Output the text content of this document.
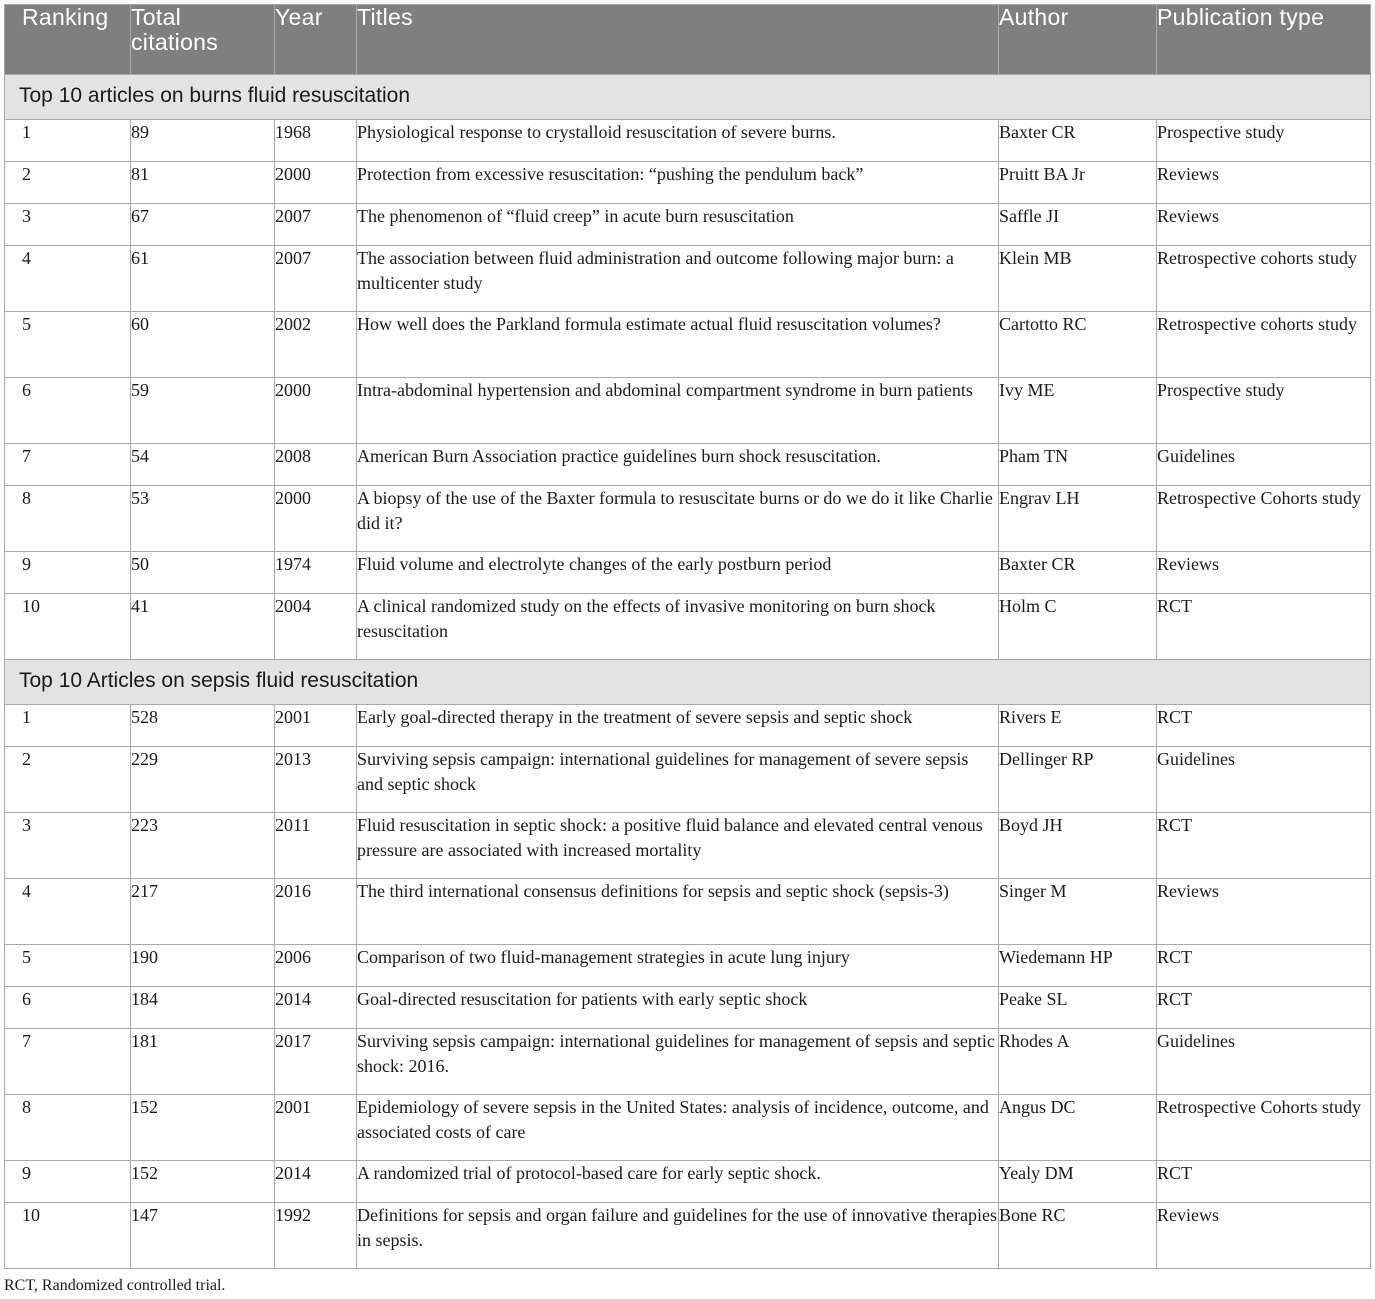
Ranking	Total citations	Year	Titles	Author	Publication type
Top 10 articles on burns fluid resuscitation					
1	89	1968	Physiological response to crystalloid resuscitation of severe burns.	Baxter CR	Prospective study
2	81	2000	Protection from excessive resuscitation: “pushing the pendulum back”	Pruitt BA Jr	Reviews
3	67	2007	The phenomenon of “fluid creep” in acute burn resuscitation	Saffle JI	Reviews
4	61	2007	The association between fluid administration and outcome following major burn: a multicenter study	Klein MB	Retrospective cohorts study
5	60	2002	How well does the Parkland formula estimate actual fluid resuscitation volumes?	Cartotto RC	Retrospective cohorts study
6	59	2000	Intra-abdominal hypertension and abdominal compartment syndrome in burn patients	Ivy ME	Prospective study
7	54	2008	American Burn Association practice guidelines burn shock resuscitation.	Pham TN	Guidelines
8	53	2000	A biopsy of the use of the Baxter formula to resuscitate burns or do we do it like Charlie did it?	Engrav LH	Retrospective Cohorts study
9	50	1974	Fluid volume and electrolyte changes of the early postburn period	Baxter CR	Reviews
10	41	2004	A clinical randomized study on the effects of invasive monitoring on burn shock resuscitation	Holm C	RCT
Top 10 Articles on sepsis fluid resuscitation					
1	528	2001	Early goal-directed therapy in the treatment of severe sepsis and septic shock	Rivers E	RCT
2	229	2013	Surviving sepsis campaign: international guidelines for management of severe sepsis and septic shock	Dellinger RP	Guidelines
3	223	2011	Fluid resuscitation in septic shock: a positive fluid balance and elevated central venous pressure are associated with increased mortality	Boyd JH	RCT
4	217	2016	The third international consensus definitions for sepsis and septic shock (sepsis-3)	Singer M	Reviews
5	190	2006	Comparison of two fluid-management strategies in acute lung injury	Wiedemann HP	RCT
6	184	2014	Goal-directed resuscitation for patients with early septic shock	Peake SL	RCT
7	181	2017	Surviving sepsis campaign: international guidelines for management of sepsis and septic shock: 2016.	Rhodes A	Guidelines
8	152	2001	Epidemiology of severe sepsis in the United States: analysis of incidence, outcome, and associated costs of care	Angus DC	Retrospective Cohorts study
9	152	2014	A randomized trial of protocol-based care for early septic shock.	Yealy DM	RCT
10	147	1992	Definitions for sepsis and organ failure and guidelines for the use of innovative therapies in sepsis.	Bone RC	Reviews
RCT, Randomized controlled trial.
